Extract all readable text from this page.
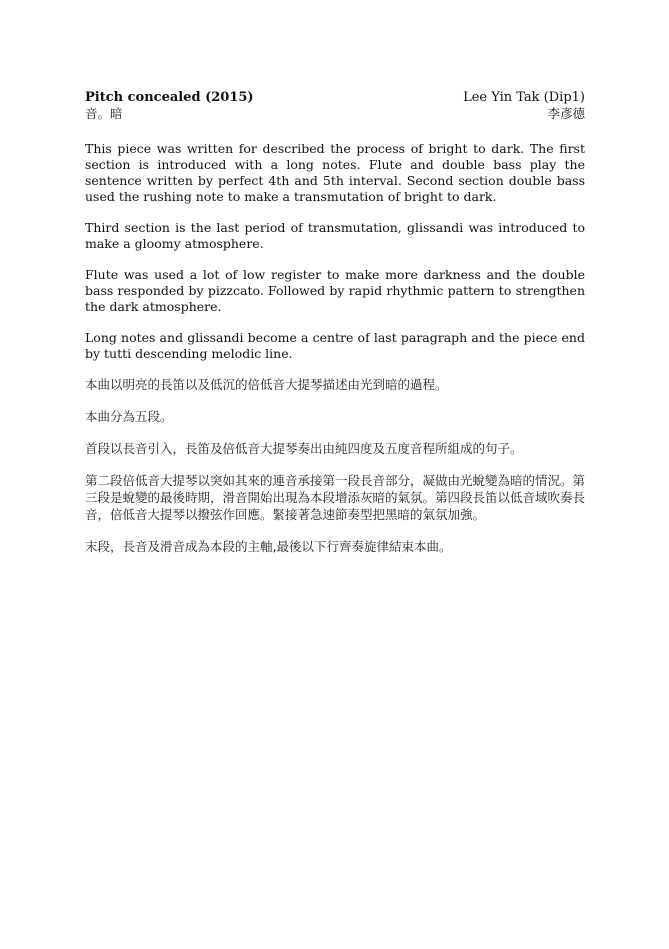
Pitch concealed (2015)
音。暗
Lee Yin Tak (Dip1)
李彥德

This piece was written for described the process of bright to dark. The first section is introduced with a long notes. Flute and double bass play the sentence written by perfect 4th and 5th interval. Second section double bass used the rushing note to make a transmutation of bright to dark.

Third section is the last period of transmutation, glissandi was introduced to make a gloomy atmosphere.

Flute was used a lot of low register to make more darkness and the double bass responded by pizzcato. Followed by rapid rhythmic pattern to strengthen the dark atmosphere.

Long notes and glissandi become a centre of last paragraph and the piece end by tutti descending melodic line.

本曲以明亮的長笛以及低沉的倍低音大提琴描述由光到暗的過程。

本曲分為五段。

首段以長音引入，長笛及倍低音大提琴奏出由純四度及五度音程所組成的句子。

第二段倍低音大提琴以突如其來的連音承接第一段長音部分，凝做由光蛻變為暗的情況。第三段是蛻變的最後時期，滑音開始出現為本段增添灰暗的氣氛。第四段長笛以低音域吹奏長音，倍低音大提琴以撥弦作回應。緊接著急速節奏型把黑暗的氣氛加強。

末段，長音及滑音成為本段的主軸,最後以下行齊奏旋律結束本曲。
